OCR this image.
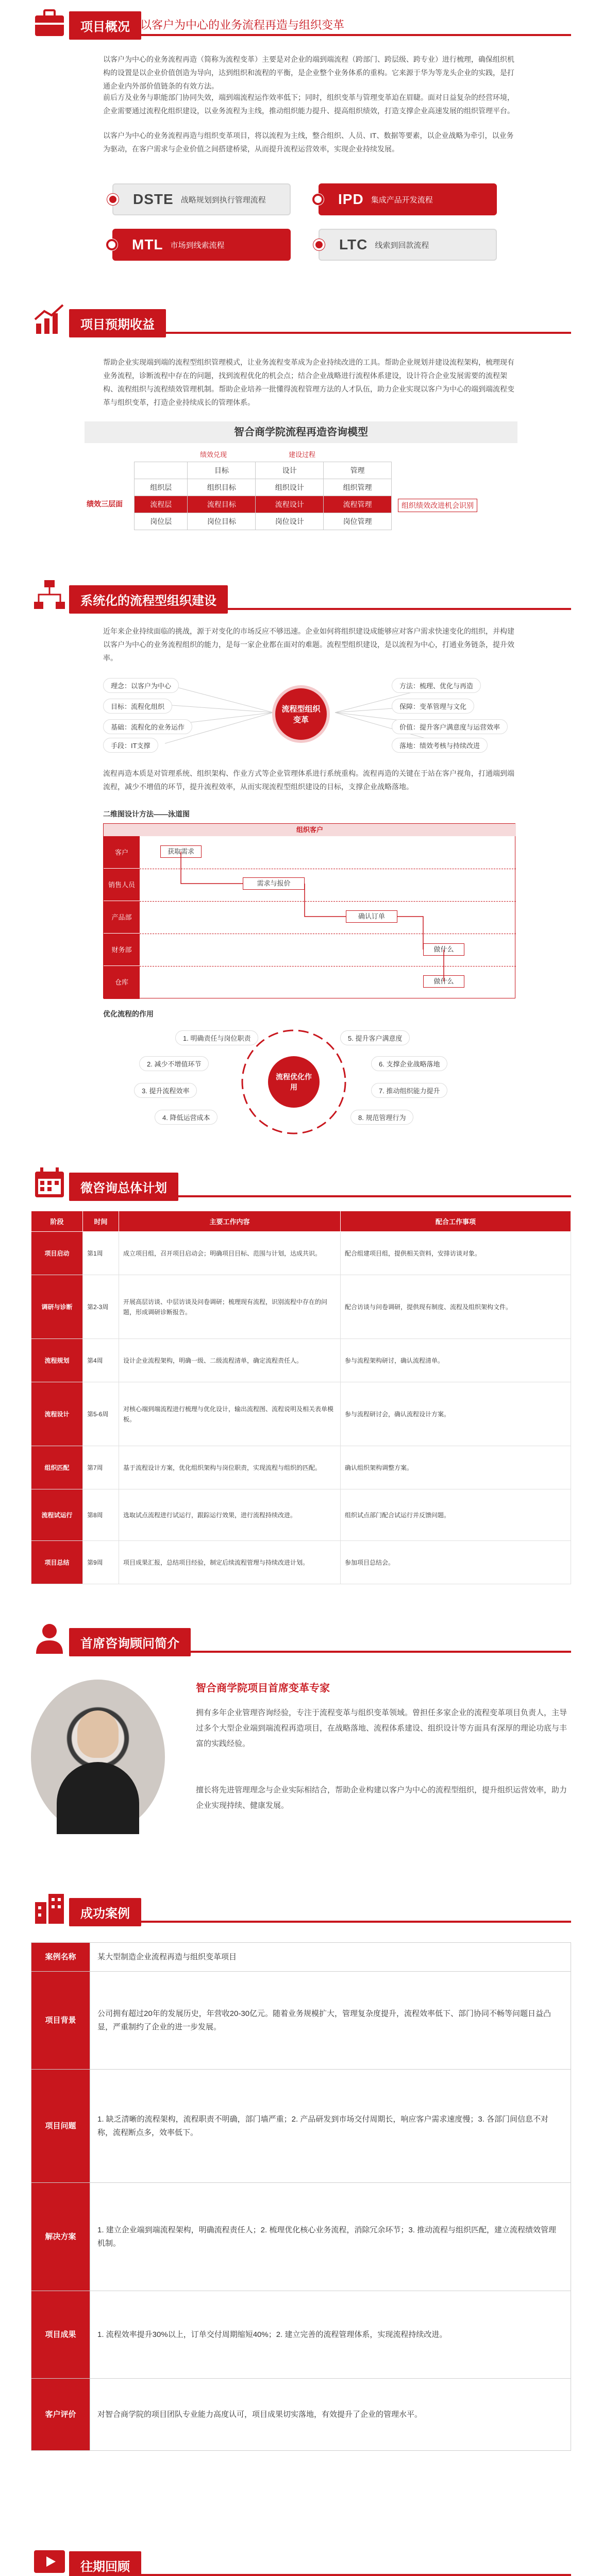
项目概况 以客户为中心的业务流程再造与组织变革
以客户为中心的业务流程再造（简称为流程变革）主要是对企业的端到端流程（跨部门、跨层级、跨专业）进行梳理，确保组织机构的设置是以企业价值创造为导向，达到组织和流程的平衡，是企业整个业务体系的重构。它来源于华为等龙头企业的实践，是打通企业内外部价值链条的有效方法。
前后方及业务与职能部门协同失效，端到端流程运作效率低下；同时，组织变革与管理变革迫在眉睫。面对日益复杂的经营环境，企业需要通过流程化组织建设，以业务流程为主线，推动组织能力提升、提高组织绩效，打造支撑企业高速发展的组织管理平台。
以客户为中心的业务流程再造与组织变革项目，将以流程为主线，整合组织、人员、IT、数据等要素，以企业战略为牵引，以业务为驱动，在客户需求与企业价值之间搭建桥梁，从而提升流程运营效率，实现企业持续发展。
DSTE 战略规划到执行管理流程	IPD 集成产品开发流程
MTL 市场到线索流程	LTC 线索到回款流程
项目预期收益
帮助企业实现端到端的流程型组织管理模式，让业务流程变革成为企业持续改进的工具。帮助企业规划并建设流程架构，梳理现有业务流程，诊断流程中存在的问题，找到流程优化的机会点；结合企业战略进行流程体系建设，设计符合企业发展需要的流程架构、流程组织与流程绩效管理机制。帮助企业培养一批懂得流程管理方法的人才队伍，助力企业实现以客户为中心的端到端流程变革与组织变革，打造企业持续成长的管理体系。
智合商学院流程再造咨询模型
绩效兑现	建设过程
绩效三层面	组织绩效改进机会识别
	目标	设计	管理
组织层	组织目标	组织设计	组织管理
流程层	流程目标	流程设计	流程管理
岗位层	岗位目标	岗位设计	岗位管理
系统化的流程型组织建设
近年来企业持续面临的挑战，源于对变化的市场反应不够迅速。企业如何将组织建设成能够应对客户需求快速变化的组织，并构建以客户为中心的业务流程组织的能力，是每一家企业都在面对的难题。流程型组织建设，是以流程为中心，打通业务链条，提升效率。
流程型组织变革
理念：以客户为中心
目标：流程化组织
基础：流程化的业务运作
手段：IT支撑
方法：梳理、优化与再造
保障：变革管理与文化
价值：提升客户满意度与运营效率
落地：绩效考核与持续改进
流程再造本质是对管理系统、组织架构、作业方式等企业管理体系进行系统重构。流程再造的关键在于站在客户视角，打通端到端流程，减少不增值的环节，提升流程效率，从而实现流程型组织建设的目标，支撑企业战略落地。
二维图设计方法——泳道图
组织客户
客户
销售人员
产品部
财务部
仓库
获取需求
需求与报价
确认订单
做什么
做什么
优化流程的作用
流程优化作用
1. 明确责任与岗位职责
2. 减少不增值环节
3. 提升流程效率
4. 降低运营成本
5. 提升客户满意度
6. 支撑企业战略落地
7. 推动组织能力提升
8. 规范管理行为
微咨询总体计划
阶段	时间	主要工作内容	配合工作事项
项目启动	第1周	成立项目组，召开项目启动会；明确项目目标、范围与计划，达成共识。	配合组建项目组，提供相关资料，安排访谈对象。
调研与诊断	第2-3周	开展高层访谈、中层访谈及问卷调研；梳理现有流程，识别流程中存在的问题，形成调研诊断报告。	配合访谈与问卷调研，提供现有制度、流程及组织架构文件。
流程规划	第4周	设计企业流程架构，明确一级、二级流程清单，确定流程责任人。	参与流程架构研讨，确认流程清单。
流程设计	第5-6周	对核心端到端流程进行梳理与优化设计，输出流程图、流程说明及相关表单模板。	参与流程研讨会，确认流程设计方案。
组织匹配	第7周	基于流程设计方案，优化组织架构与岗位职责，实现流程与组织的匹配。	确认组织架构调整方案。
流程试运行	第8周	选取试点流程进行试运行，跟踪运行效果，进行流程持续改进。	组织试点部门配合试运行并反馈问题。
项目总结	第9周	项目成果汇报，总结项目经验，制定后续流程管理与持续改进计划。	参加项目总结会。
首席咨询顾问简介
智合商学院项目首席变革专家
拥有多年企业管理咨询经验，专注于流程变革与组织变革领域。曾担任多家企业的流程变革项目负责人，主导过多个大型企业端到端流程再造项目，在战略落地、流程体系建设、组织设计等方面具有深厚的理论功底与丰富的实践经验。
擅长将先进管理理念与企业实际相结合，帮助企业构建以客户为中心的流程型组织，提升组织运营效率，助力企业实现持续、健康发展。
成功案例
案例名称	某大型制造企业流程再造与组织变革项目
项目背景	公司拥有超过20年的发展历史，年营收20-30亿元。随着业务规模扩大，管理复杂度提升，流程效率低下、部门协同不畅等问题日益凸显，严重制约了企业的进一步发展。
项目问题	1. 缺乏清晰的流程架构，流程职责不明确，部门墙严重；2. 产品研发到市场交付周期长，响应客户需求速度慢；3. 各部门间信息不对称，流程断点多，效率低下。
解决方案	1. 建立企业端到端流程架构，明确流程责任人；2. 梳理优化核心业务流程，消除冗余环节；3. 推动流程与组织匹配，建立流程绩效管理机制。
项目成果	1. 流程效率提升30%以上，订单交付周期缩短40%；2. 建立完善的流程管理体系，实现流程持续改进。
客户评价	对智合商学院的项目团队专业能力高度认可，项目成果切实落地，有效提升了企业的管理水平。
往期回顾
